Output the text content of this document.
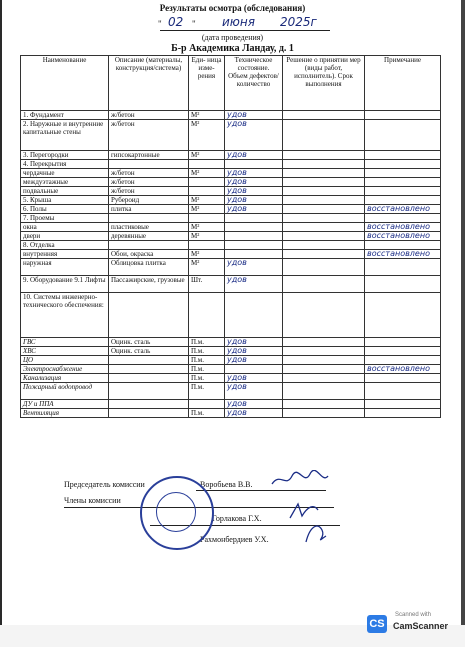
Результаты осмотра (обследования)
" 02 " июня 2025г
(дата проведения)
Б-р Академика Ландау, д. 1
Наименование	Описание (материалы, конструкция/система)	Еди- ница изме- рения	Техническое состояние. Объем дефектов/ количество	Решение о принятии мер (виды работ, исполнитель). Срок выполнения	Примечание
1. Фундамент	ж/бетон	М²	удов		
2. Наружные и внутренние капитальные стены	ж/бетон	М²	удов		
3. Перегородки	гипсокартонные	М²	удов		
4. Перекрытия					
чердачные	ж/бетон	М²	удов		
междуэтажные	ж/бетон		удов		
подвальные	ж/бетон		удов		
5. Крыша	Рубероид	М²	удов		
6. Полы	плитка	М²	удов		восстановлено
7. Проемы					
окна	пластиковые	М²			восстановлено
двери	деревянные	М²			восстановлено
8. Отделка					
внутренняя	Обои, окраска	М²			восстановлено
наружная	Облицовка плитка	М²	удов		
9. Оборудование 9.1 Лифты	Пассажирские, грузовые	Шт.	удов		
10. Системы инженерно- технического обеспечения:					
ГВС	Оцинк. сталь	П.м.	удов		
ХВС	Оцинк. сталь	П.м.	удов		
ЦО		П.м.	удов		
Электроснабжение		П.м.			восстановлено
Канализация		П.м.	удов		
Пожарный водопровод		П.м.	удов		
ДУ и ППА			удов		
Вентиляция		П.м.	удов		
Председатель комиссии	Воробьева В.В.
Члены комиссии
Горлакова Г.Х.
Рахмонбердиев У.Х.
CS
Scanned with
CamScanner
